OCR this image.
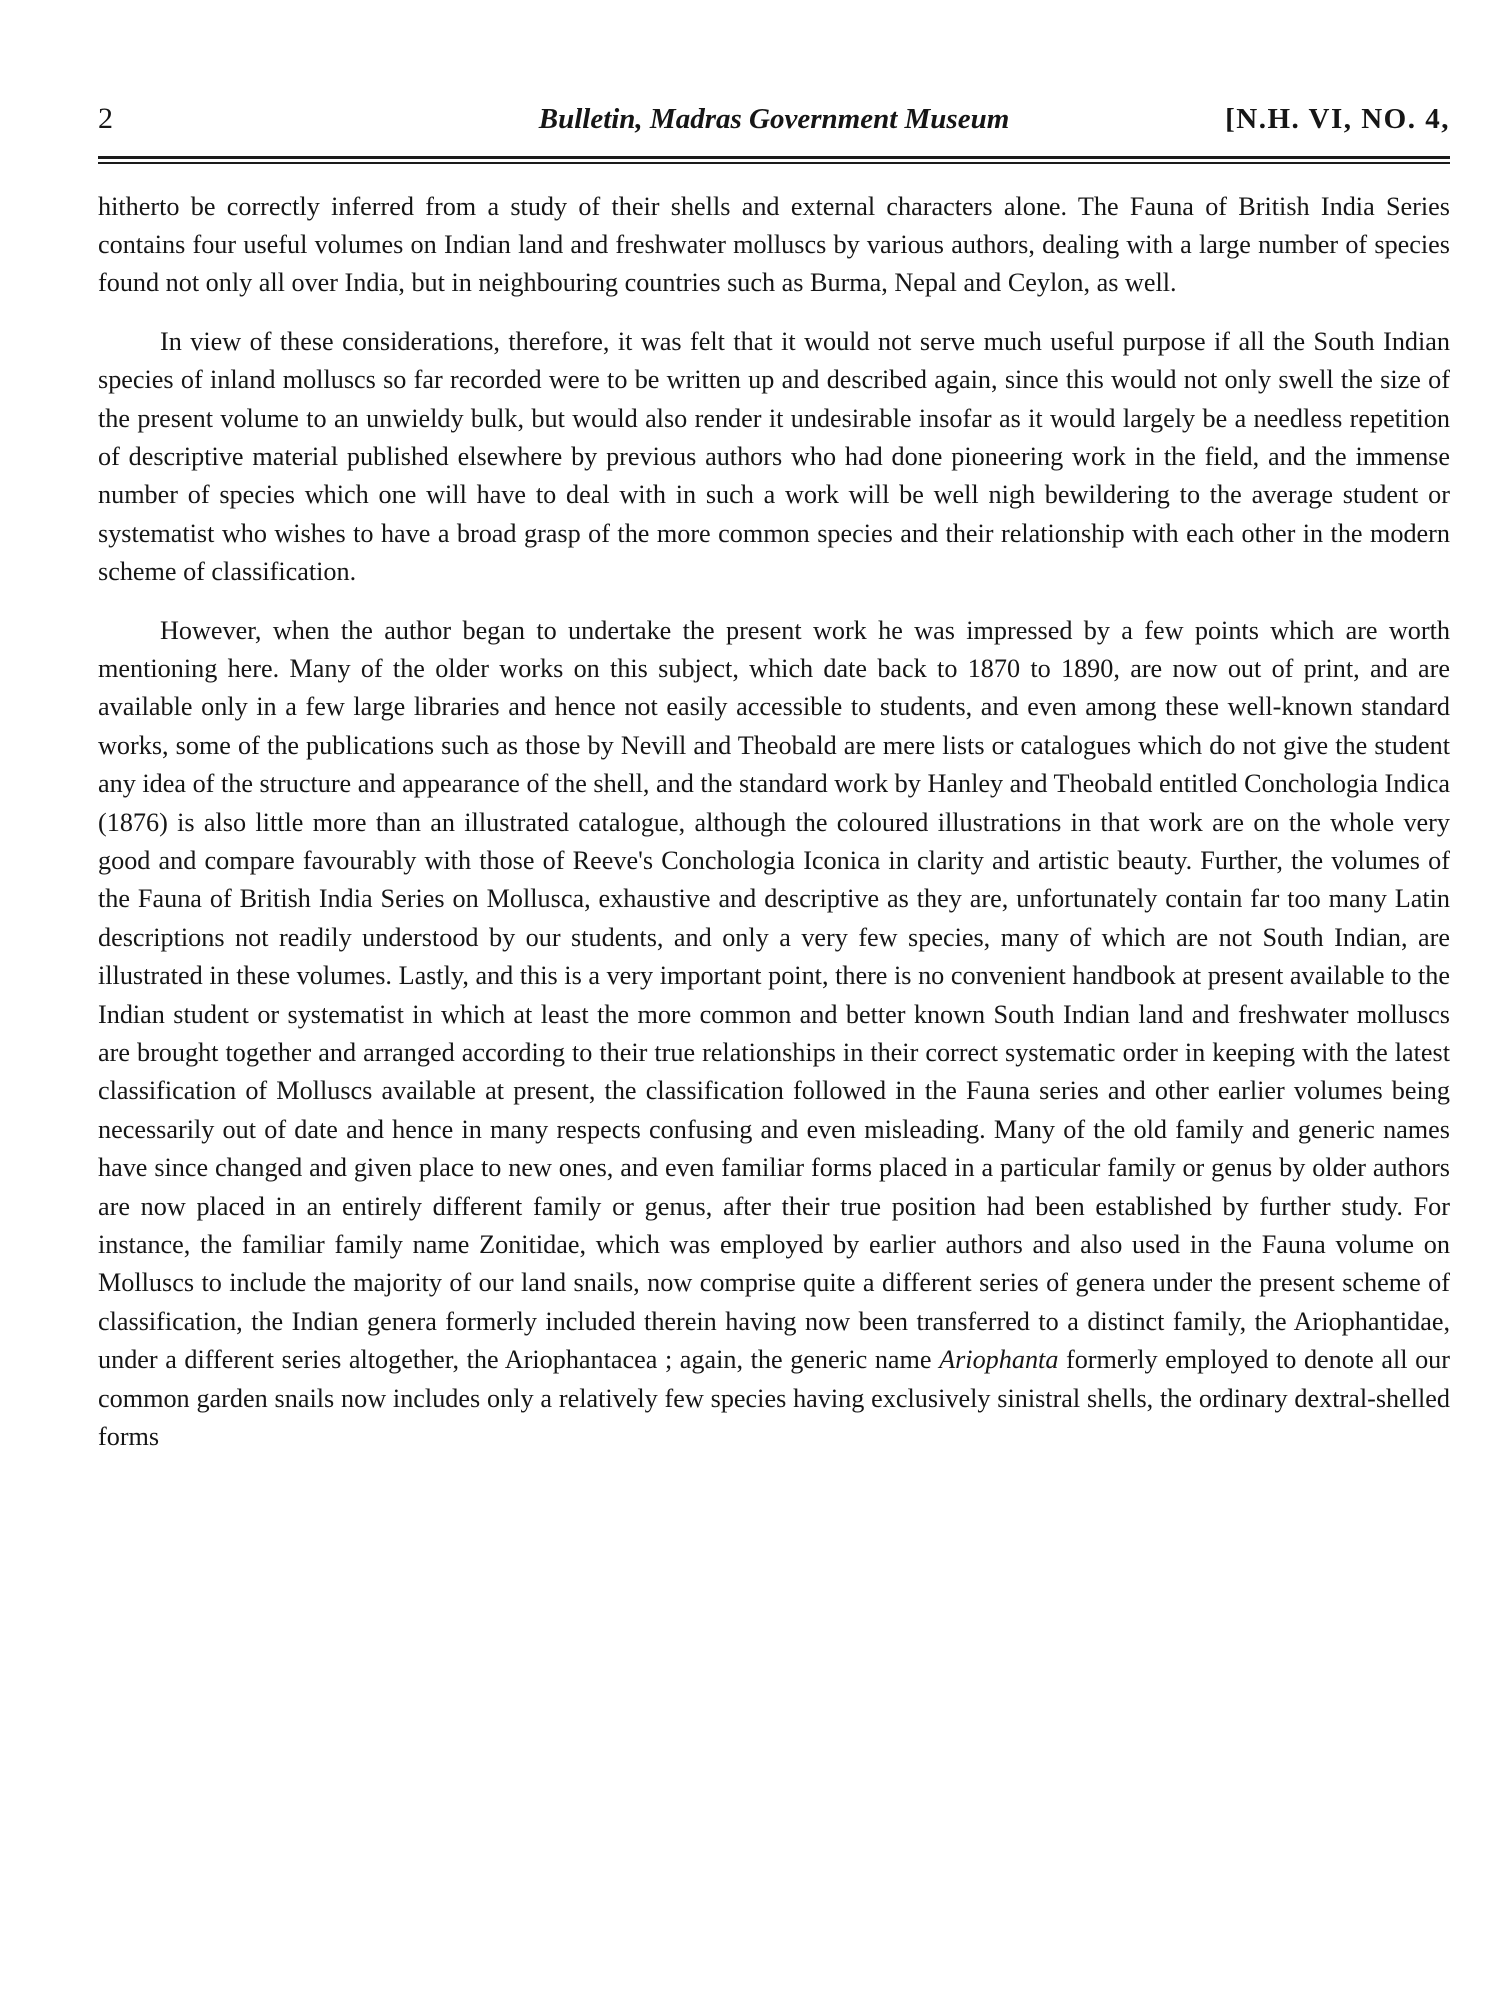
2	Bulletin, Madras Government Museum	[N.H. VI, NO. 4,

hitherto be correctly inferred from a study of their shells and external characters alone. The Fauna of British India Series contains four useful volumes on Indian land and freshwater molluscs by various authors, dealing with a large number of species found not only all over India, but in neighbouring countries such as Burma, Nepal and Ceylon, as well.

In view of these considerations, therefore, it was felt that it would not serve much useful purpose if all the South Indian species of inland molluscs so far recorded were to be written up and described again, since this would not only swell the size of the present volume to an unwieldy bulk, but would also render it undesirable insofar as it would largely be a needless repetition of descriptive material published elsewhere by previous authors who had done pioneering work in the field, and the immense number of species which one will have to deal with in such a work will be well nigh bewildering to the average student or systematist who wishes to have a broad grasp of the more common species and their relationship with each other in the modern scheme of classification.

However, when the author began to undertake the present work he was impressed by a few points which are worth mentioning here. Many of the older works on this subject, which date back to 1870 to 1890, are now out of print, and are available only in a few large libraries and hence not easily accessible to students, and even among these well-known standard works, some of the publications such as those by Nevill and Theobald are mere lists or catalogues which do not give the student any idea of the structure and appearance of the shell, and the standard work by Hanley and Theobald entitled Conchologia Indica (1876) is also little more than an illustrated catalogue, although the coloured illustrations in that work are on the whole very good and compare favourably with those of Reeve's Conchologia Iconica in clarity and artistic beauty. Further, the volumes of the Fauna of British India Series on Mollusca, exhaustive and descriptive as they are, unfortunately contain far too many Latin descriptions not readily understood by our students, and only a very few species, many of which are not South Indian, are illustrated in these volumes. Lastly, and this is a very important point, there is no convenient handbook at present available to the Indian student or systematist in which at least the more common and better known South Indian land and freshwater molluscs are brought together and arranged according to their true relationships in their correct systematic order in keeping with the latest classification of Molluscs available at present, the classification followed in the Fauna series and other earlier volumes being necessarily out of date and hence in many respects confusing and even misleading. Many of the old family and generic names have since changed and given place to new ones, and even familiar forms placed in a particular family or genus by older authors are now placed in an entirely different family or genus, after their true position had been established by further study. For instance, the familiar family name Zonitidae, which was employed by earlier authors and also used in the Fauna volume on Molluscs to include the majority of our land snails, now comprise quite a different series of genera under the present scheme of classification, the Indian genera formerly included therein having now been transferred to a distinct family, the Ariophantidae, under a different series altogether, the Ariophantacea ; again, the generic name Ariophanta formerly employed to denote all our common garden snails now includes only a relatively few species having exclusively sinistral shells, the ordinary dextral-shelled forms
